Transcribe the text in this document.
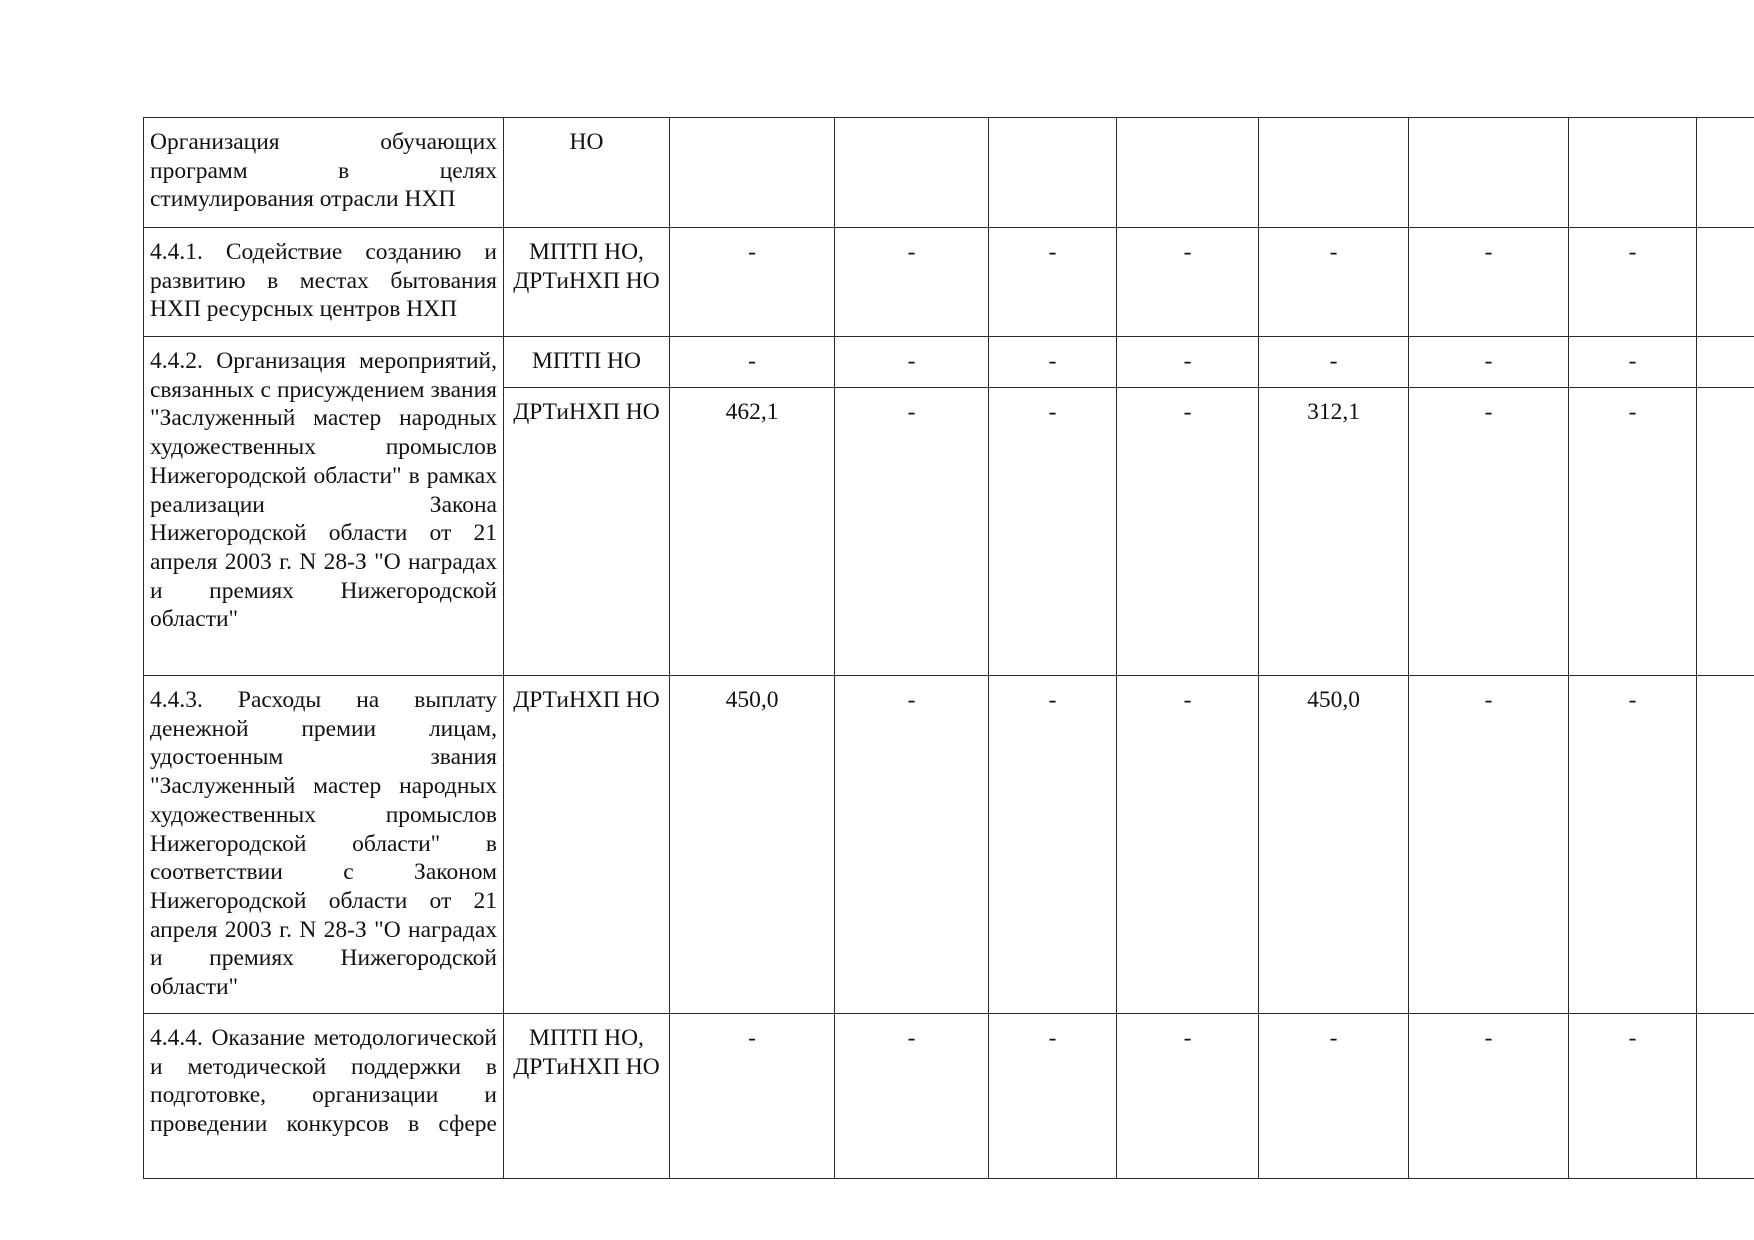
Организация обучающих программ в целях стимулирования отрасли НХП	НО								
4.4.1. Содействие созданию и развитию в местах бытования НХП ресурсных центров НХП	МПТП НО, ДРТиНХП НО	-	-	-	-	-	-	-	
4.4.2. Организация мероприятий, связанных с присуждением звания "Заслуженный мастер народных художественных промыслов Нижегородской области" в рамках реализации Закона Нижегородской области от 21 апреля 2003 г. N 28-З "О наградах и премиях Нижегородской области"	МПТП НО	-	-	-	-	-	-	-	
	ДРТиНХП НО	462,1	-	-	-	312,1	-	-	
4.4.3. Расходы на выплату денежной премии лицам, удостоенным звания "Заслуженный мастер народных художественных промыслов Нижегородской области" в соответствии с Законом Нижегородской области от 21 апреля 2003 г. N 28-З "О наградах и премиях Нижегородской области"	ДРТиНХП НО	450,0	-	-	-	450,0	-	-	
4.4.4. Оказание методологической и методической поддержки в подготовке, организации и проведении конкурсов в сфере	МПТП НО, ДРТиНХП НО	-	-	-	-	-	-	-	
